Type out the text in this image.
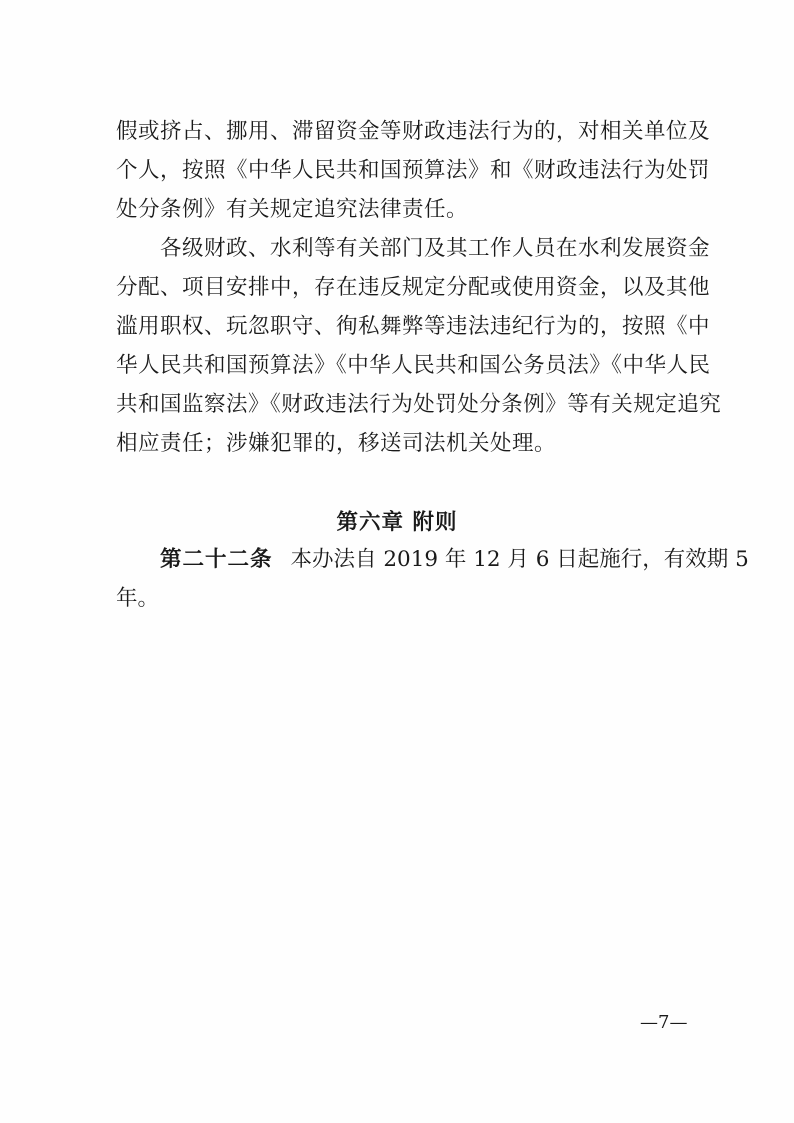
假或挤占、挪用、滞留资金等财政违法行为的，对相关单位及
个人，按照《中华人民共和国预算法》和《财政违法行为处罚
处分条例》有关规定追究法律责任。
各级财政、水利等有关部门及其工作人员在水利发展资金
分配、项目安排中，存在违反规定分配或使用资金，以及其他
滥用职权、玩忽职守、徇私舞弊等违法违纪行为的，按照《中
华人民共和国预算法》《中华人民共和国公务员法》《中华人民
共和国监察法》《财政违法行为处罚处分条例》等有关规定追究
相应责任；涉嫌犯罪的，移送司法机关处理。
第六章 附则
第二十二条 本办法自 2019 年 12 月 6 日起施行，有效期 5
年。
—7—
